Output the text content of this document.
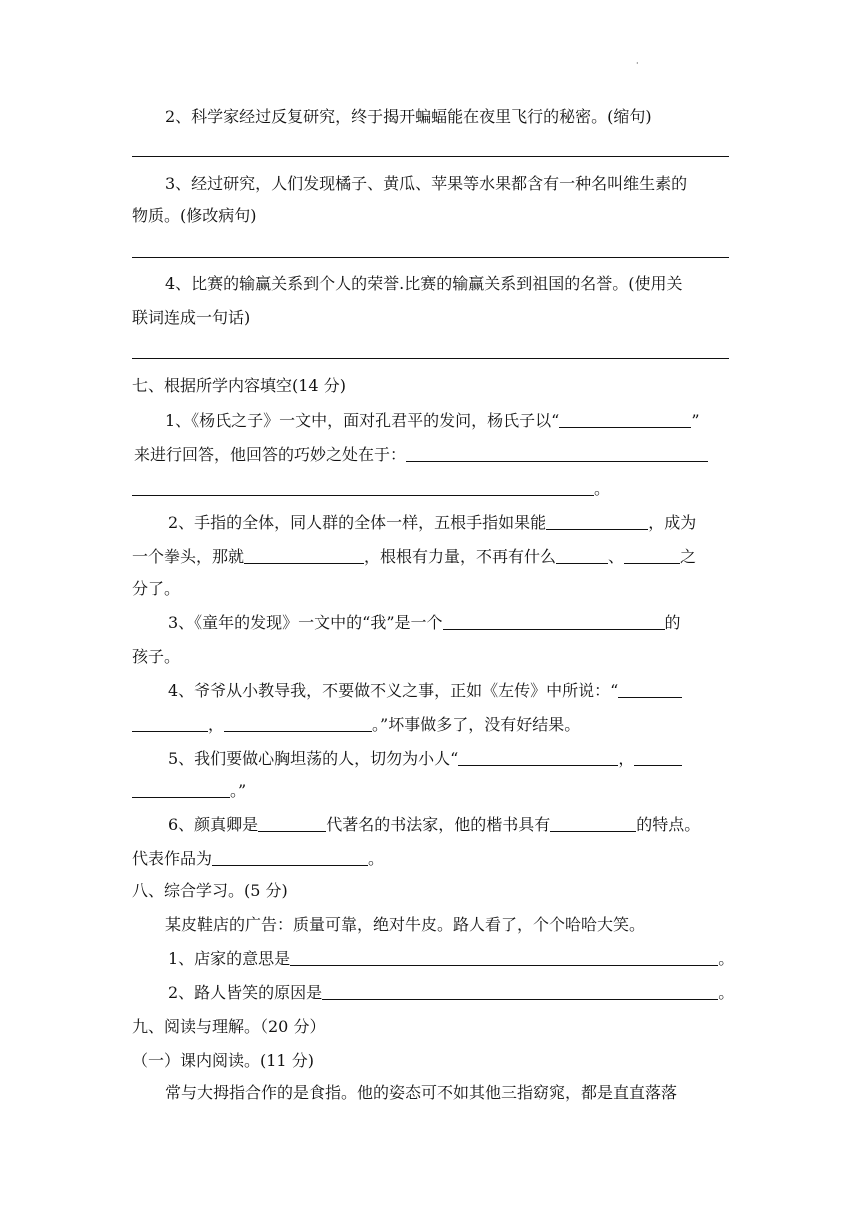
·
2、科学家经过反复研究，终于揭开蝙蝠能在夜里飞行的秘密。(缩句)
3、经过研究，人们发现橘子、黄瓜、苹果等水果都含有一种名叫维生素的
物质。(修改病句)
4、比赛的输赢关系到个人的荣誉.比赛的输赢关系到祖国的名誉。(使用关
联词连成一句话)
七、根据所学内容填空(14 分)
1、《杨氏之子》一文中，面对孔君平的发问，杨氏子以“	”
来进行回答，他回答的巧妙之处在于：
。
2、手指的全体，同人群的全体一样，五根手指如果能	，成为
一个拳头，那就	，根根有力量，不再有什么	、	之
分了。
3、《童年的发现》一文中的“我”是一个	的
孩子。
4、爷爷从小教导我，不要做不义之事，正如《左传》中所说：“
，	。”坏事做多了，没有好结果。
5、我们要做心胸坦荡的人，切勿为小人“	，
。”
6、颜真卿是	代著名的书法家，他的楷书具有	的特点。
代表作品为	。
八、综合学习。(5 分)
某皮鞋店的广告：质量可靠，绝对牛皮。路人看了，个个哈哈大笑。
1、店家的意思是	。
2、路人皆笑的原因是	。
九、阅读与理解。（20 分）
（一）课内阅读。(11 分)
常与大拇指合作的是食指。他的姿态可不如其他三指窈窕，都是直直落落
